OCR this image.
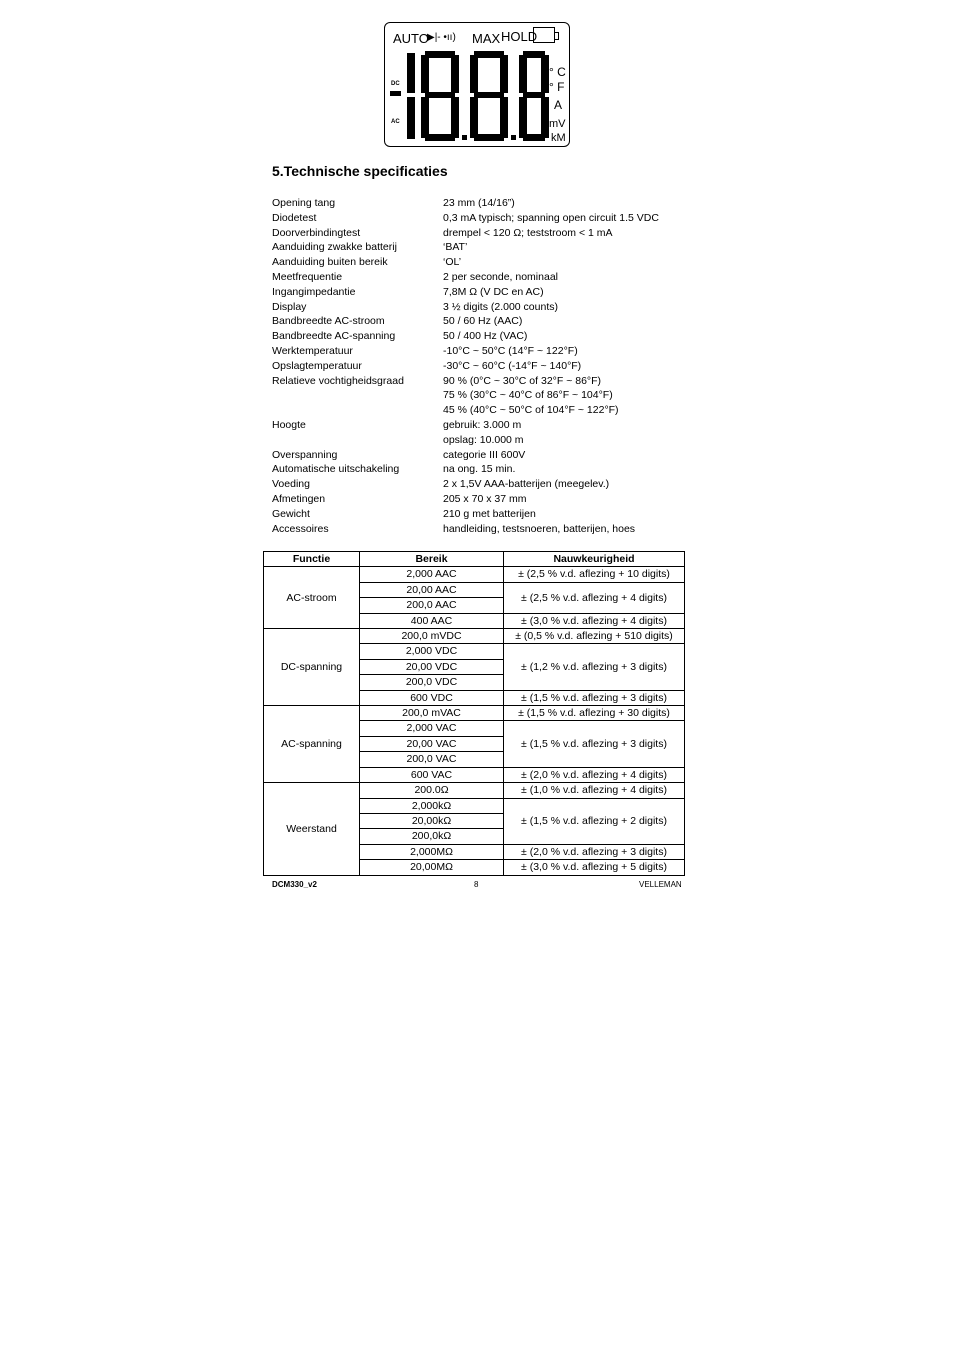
AUTO
▶|- •ıı) MAX HOLD
DC
AC
° C
° F
A
mV
kM
5.Technische specificaties
Opening tang	23 mm (14/16”)
Diodetest	0,3 mA typisch; spanning open circuit 1.5 VDC
Doorverbindingtest	drempel < 120 Ω; teststroom < 1 mA
Aanduiding zwakke batterij	‘BAT’
Aanduiding buiten bereik	‘OL’
Meetfrequentie	2 per seconde, nominaal
Ingangimpedantie	7,8M Ω (V DC en AC)
Display	3 ½ digits (2.000 counts)
Bandbreedte AC-stroom	50 / 60 Hz (AAC)
Bandbreedte AC-spanning	50 / 400 Hz (VAC)
Werktemperatuur	-10°C ~ 50°C (14°F ~ 122°F)
Opslagtemperatuur	-30°C ~ 60°C (-14°F ~ 140°F)
Relatieve vochtigheidsgraad	90 % (0°C ~ 30°C of 32°F ~ 86°F)
75 % (30°C ~ 40°C of 86°F ~ 104°F)
45 % (40°C ~ 50°C of 104°F ~ 122°F)
Hoogte	gebruik: 3.000 m
opslag: 10.000 m
Overspanning	categorie III 600V
Automatische uitschakeling	na ong. 15 min.
Voeding	2 x 1,5V AAA-batterijen (meegelev.)
Afmetingen	205 x 70 x 37 mm
Gewicht	210 g met batterijen
Accessoires	handleiding, testsnoeren, batterijen, hoes
Functie	Bereik	Nauwkeurigheid
AC-stroom	2,000 AAC	± (2,5 % v.d. aflezing + 10 digits)
	20,00 AAC	± (2,5 % v.d. aflezing + 4 digits)
	200,0 AAC	
	400 AAC	± (3,0 % v.d. aflezing + 4 digits)
DC-spanning	200,0 mVDC	± (0,5 % v.d. aflezing + 510 digits)
	2,000 VDC	± (1,2 % v.d. aflezing + 3 digits)
	20,00 VDC	
	200,0 VDC	
	600 VDC	± (1,5 % v.d. aflezing + 3 digits)
AC-spanning	200,0 mVAC	± (1,5 % v.d. aflezing + 30 digits)
	2,000 VAC	± (1,5 % v.d. aflezing + 3 digits)
	20,00 VAC	
	200,0 VAC	
	600 VAC	± (2,0 % v.d. aflezing + 4 digits)
Weerstand	200.0Ω	± (1,0 % v.d. aflezing + 4 digits)
	2,000kΩ	± (1,5 % v.d. aflezing + 2 digits)
	20,00kΩ	
	200,0kΩ	
	2,000MΩ	± (2,0 % v.d. aflezing + 3 digits)
	20,00MΩ	± (3,0 % v.d. aflezing + 5 digits)
DCM330_v2	8	VELLEMAN
